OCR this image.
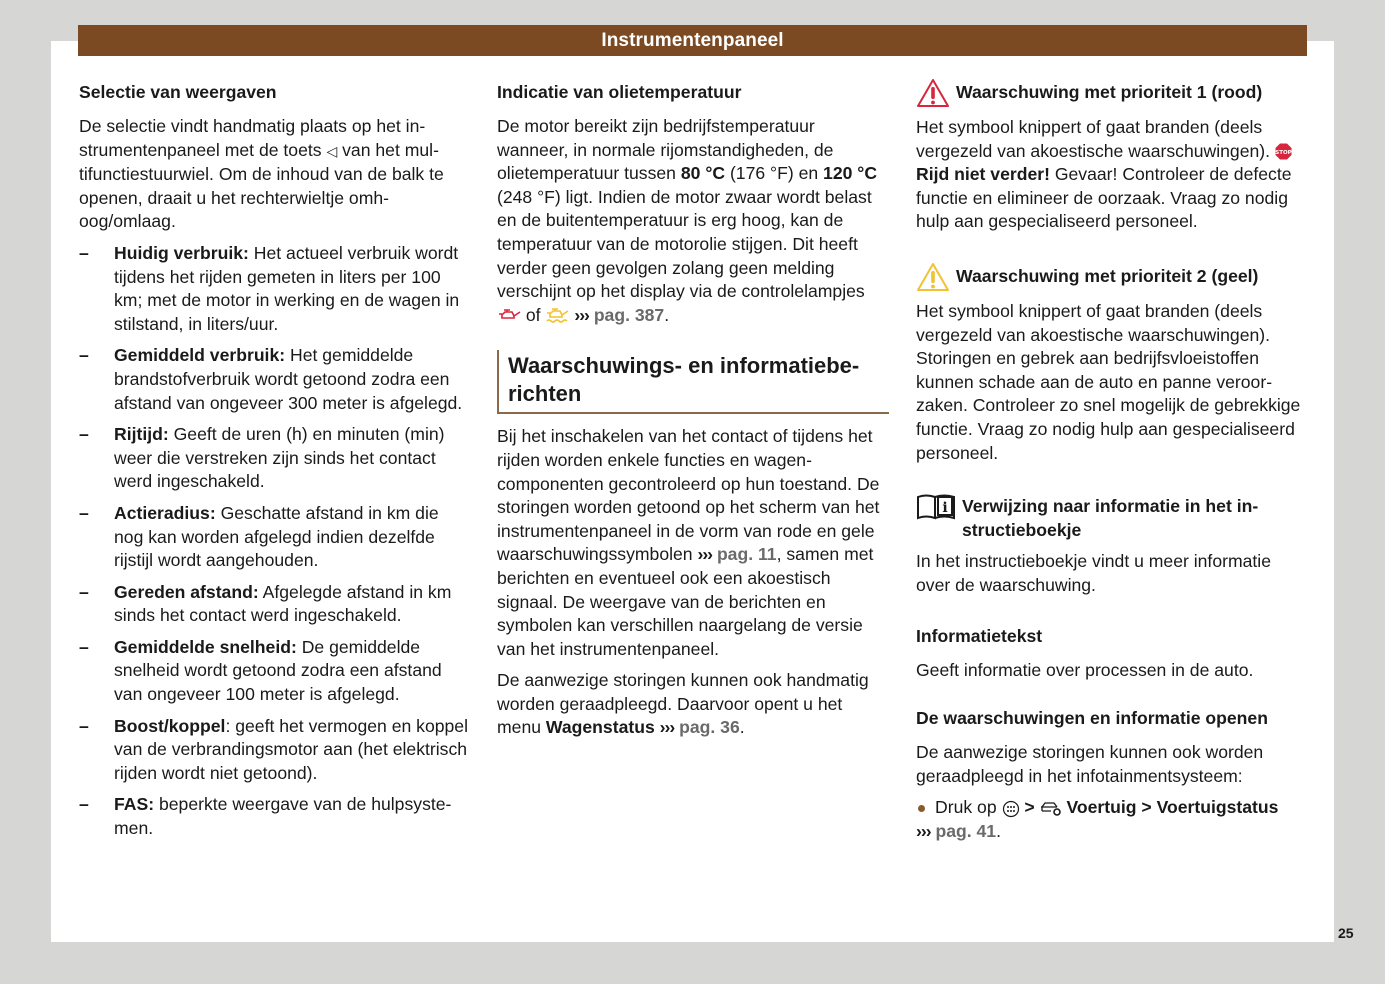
Instrumentenpaneel
Selectie van weergaven

De selectie vindt handmatig plaats op het instrumentenpaneel met de toets ◁ van het multifunctiestuurwiel. Om de inhoud van de balk te openen, draait u het rechterwieltje omhoog/omlaag.

– Huidig verbruik: Het actueel verbruik wordt tijdens het rijden gemeten in liters per 100 km; met de motor in werking en de wagen in stilstand, in liters/uur.
– Gemiddeld verbruik: Het gemiddelde brandstofverbruik wordt getoond zodra een afstand van ongeveer 300 meter is afgelegd.
– Rijtijd: Geeft de uren (h) en minuten (min) weer die verstreken zijn sinds het contact werd ingeschakeld.
– Actieradius: Geschatte afstand in km die nog kan worden afgelegd indien dezelfde rijstijl wordt aangehouden.
– Gereden afstand: Afgelegde afstand in km sinds het contact werd ingeschakeld.
– Gemiddelde snelheid: De gemiddelde snelheid wordt getoond zodra een afstand van ongeveer 100 meter is afgelegd.
– Boost/koppel: geeft het vermogen en koppel van de verbrandingsmotor aan (het elektrisch rijden wordt niet getoond).
– FAS: beperkte weergave van de hulpsystemen.
Indicatie van olietemperatuur

De motor bereikt zijn bedrijfstemperatuur wanneer, in normale rijomstandigheden, de olietemperatuur tussen 80 °C (176 °F) en 120 °C (248 °F) ligt. Indien de motor zwaar wordt belast en de buitentemperatuur is erg hoog, kan de temperatuur van de motorolie stijgen. Dit heeft verder geen gevolgen zolang geen melding verschijnt op het display via de controlelampjes  of  ››› pag. 387.

Waarschuwings- en informatieberichten

Bij het inschakelen van het contact of tijdens het rijden worden enkele functies en wagencomponenten gecontroleerd op hun toestand. De storingen worden getoond op het scherm van het instrumentenpaneel in de vorm van rode en gele waarschuwingssymbolen ››› pag. 11, samen met berichten en eventueel ook een akoestisch signaal. De weergave van de berichten en symbolen kan verschillen naargelang de versie van het instrumentenpaneel.

De aanwezige storingen kunnen ook handmatig worden geraadpleegd. Daarvoor opent u het menu Wagenstatus ››› pag. 36.

Waarschuwing met prioriteit 1 (rood)

Het symbool knippert of gaat branden (deels vergezeld van akoestische waarschuwingen). STOP
Rijd niet verder! Gevaar! Controleer de defecte functie en elimineer de oorzaak. Vraag zo nodig hulp aan gespecialiseerd personeel.

Waarschuwing met prioriteit 2 (geel)

Het symbool knippert of gaat branden (deels vergezeld van akoestische waarschuwingen). Storingen en gebrek aan bedrijfsvloeistoffen kunnen schade aan de auto en panne veroorzaken. Controleer zo snel mogelijk de gebrekkige functie. Vraag zo nodig hulp aan gespecialiseerd personeel.

i Verwijzing naar informatie in het instructieboekje

In het instructieboekje vindt u meer informatie over de waarschuwing.

Informatietekst

Geeft informatie over processen in de auto.

De waarschuwingen en informatie openen

De aanwezige storingen kunnen ook worden geraadpleegd in het infotainmentsysteem:

Druk op  >  Voertuig > Voertuigstatus
››› pag. 41.

25
